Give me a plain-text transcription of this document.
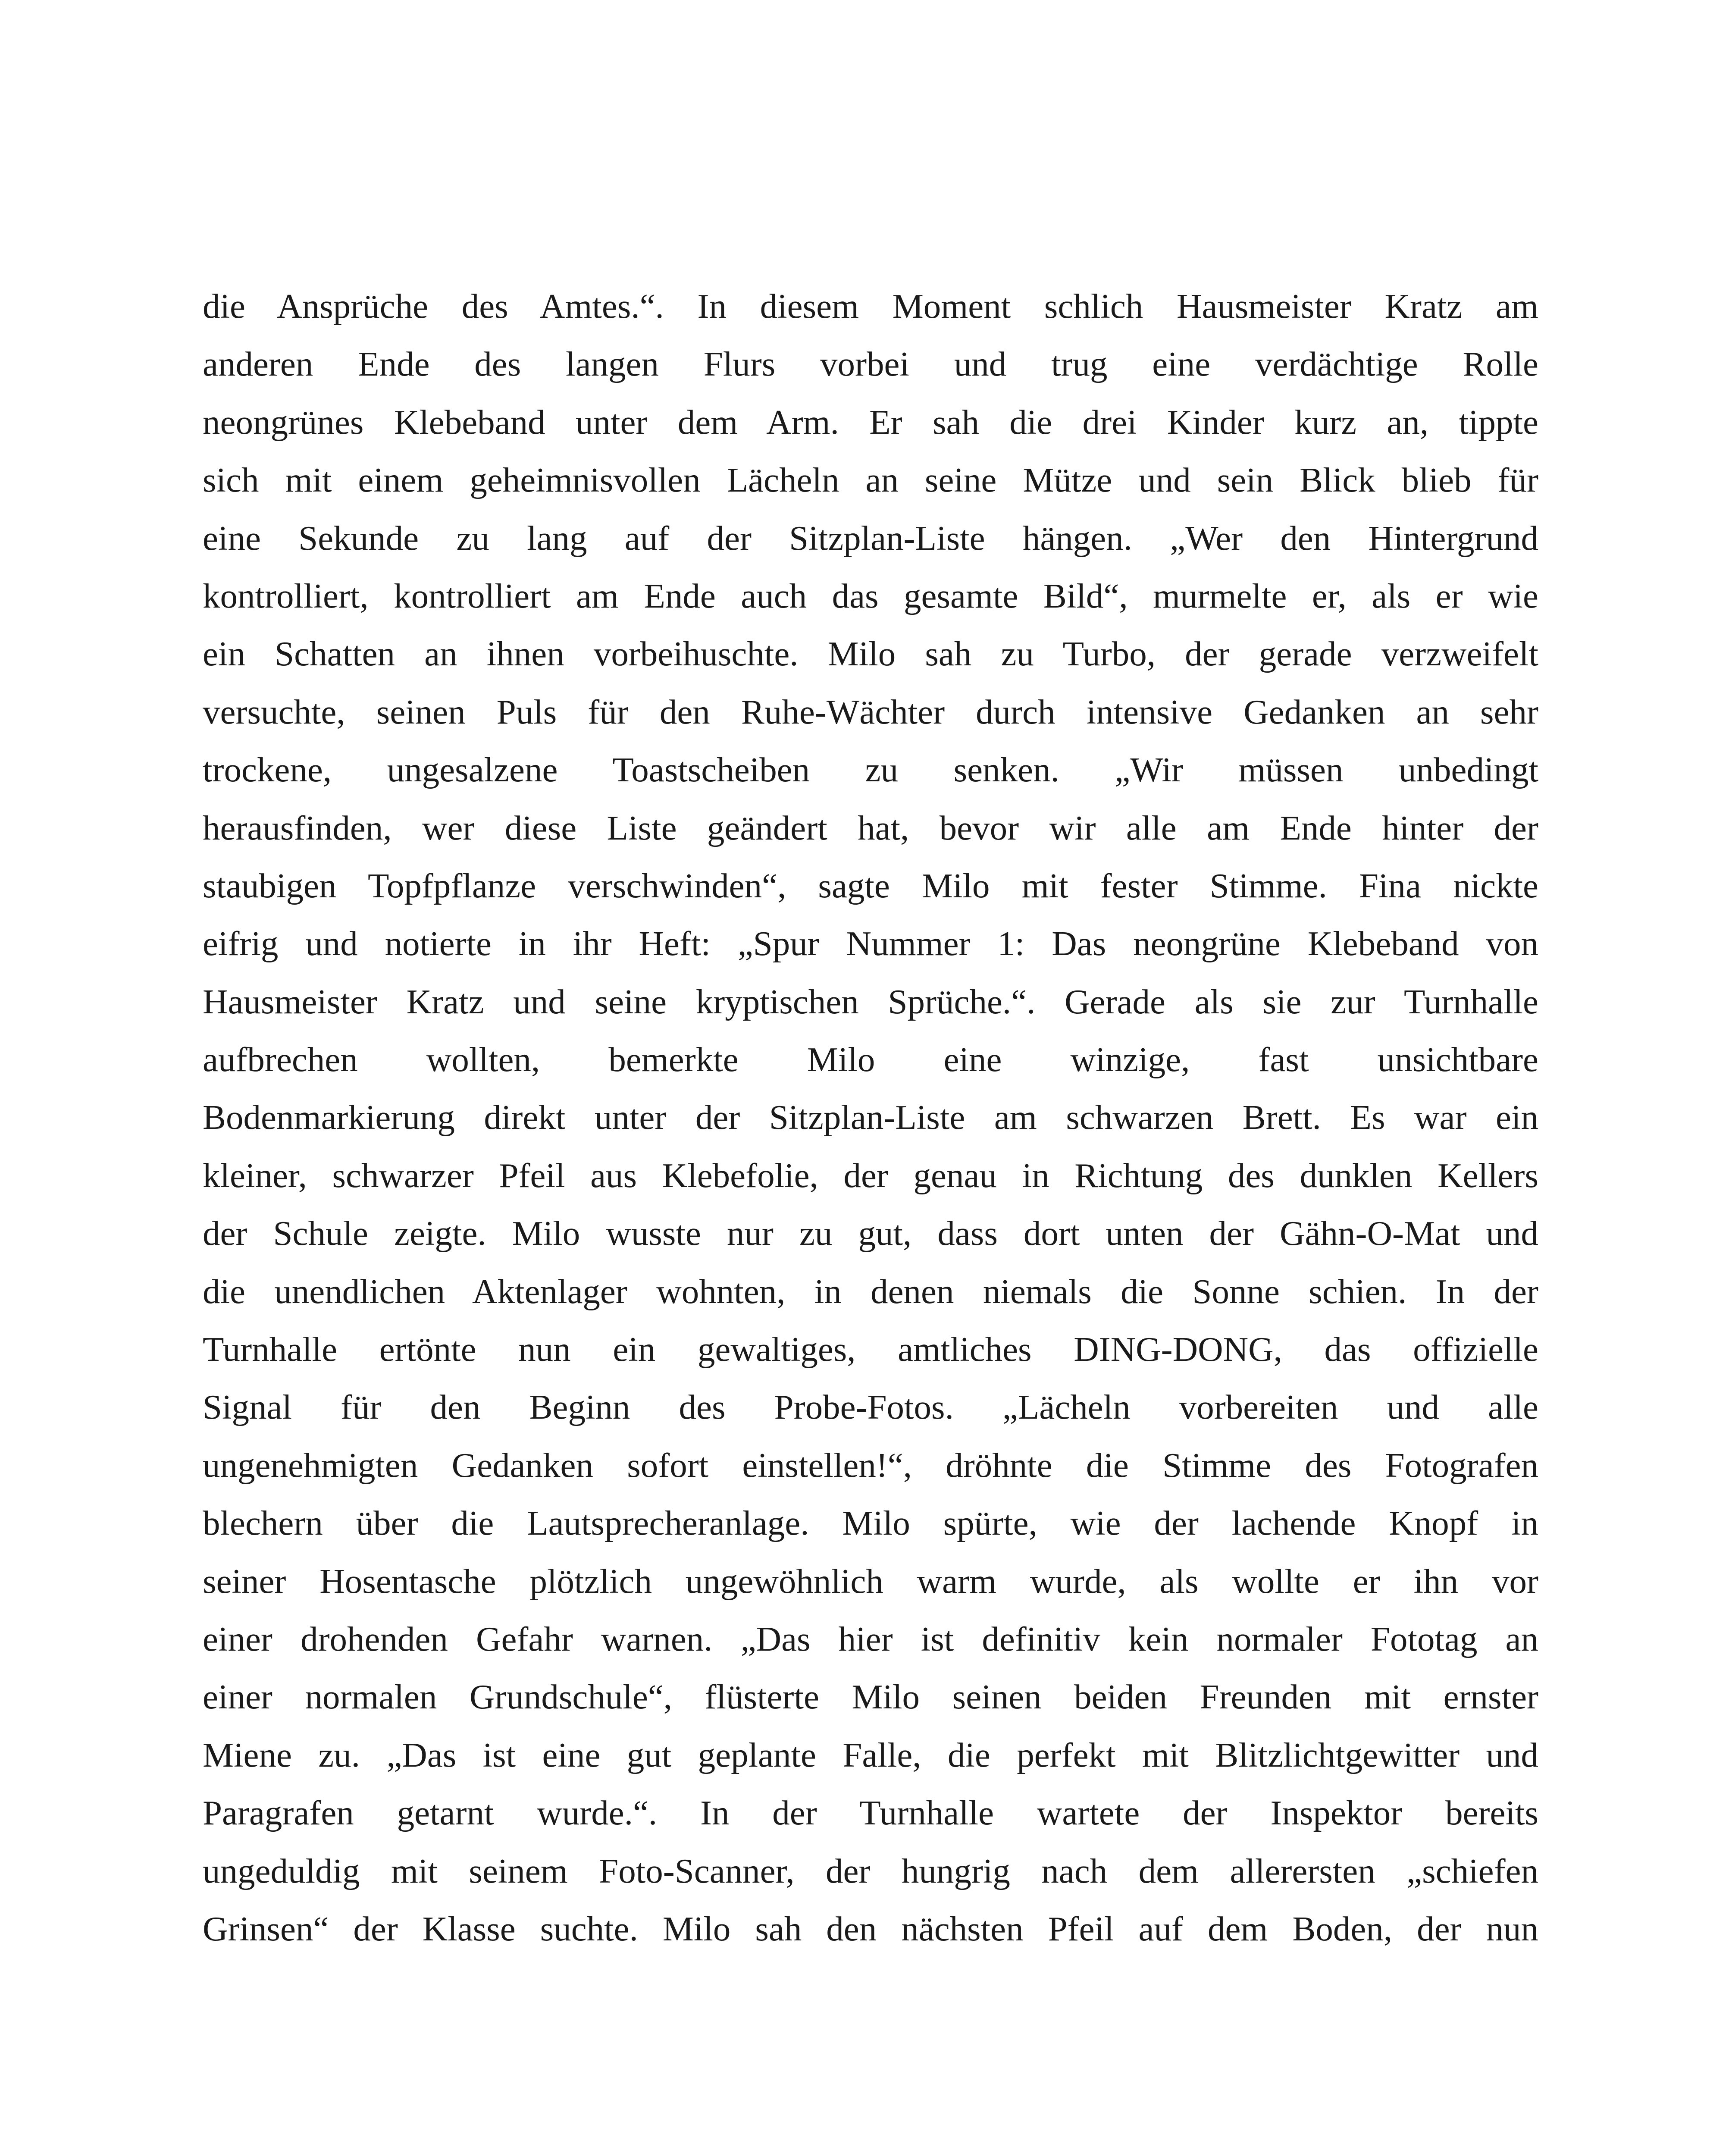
die Ansprüche des Amtes.“. In diesem Moment schlich Hausmeister Kratz am
anderen Ende des langen Flurs vorbei und trug eine verdächtige Rolle
neongrünes Klebeband unter dem Arm. Er sah die drei Kinder kurz an, tippte
sich mit einem geheimnisvollen Lächeln an seine Mütze und sein Blick blieb für
eine Sekunde zu lang auf der Sitzplan-Liste hängen. „Wer den Hintergrund
kontrolliert, kontrolliert am Ende auch das gesamte Bild“, murmelte er, als er wie
ein Schatten an ihnen vorbeihuschte. Milo sah zu Turbo, der gerade verzweifelt
versuchte, seinen Puls für den Ruhe-Wächter durch intensive Gedanken an sehr
trockene, ungesalzene Toastscheiben zu senken. „Wir müssen unbedingt
herausfinden, wer diese Liste geändert hat, bevor wir alle am Ende hinter der
staubigen Topfpflanze verschwinden“, sagte Milo mit fester Stimme. Fina nickte
eifrig und notierte in ihr Heft: „Spur Nummer 1: Das neongrüne Klebeband von
Hausmeister Kratz und seine kryptischen Sprüche.“. Gerade als sie zur Turnhalle
aufbrechen wollten, bemerkte Milo eine winzige, fast unsichtbare
Bodenmarkierung direkt unter der Sitzplan-Liste am schwarzen Brett. Es war ein
kleiner, schwarzer Pfeil aus Klebefolie, der genau in Richtung des dunklen Kellers
der Schule zeigte. Milo wusste nur zu gut, dass dort unten der Gähn-O-Mat und
die unendlichen Aktenlager wohnten, in denen niemals die Sonne schien. In der
Turnhalle ertönte nun ein gewaltiges, amtliches DING-DONG, das offizielle
Signal für den Beginn des Probe-Fotos. „Lächeln vorbereiten und alle
ungenehmigten Gedanken sofort einstellen!“, dröhnte die Stimme des Fotografen
blechern über die Lautsprecheranlage. Milo spürte, wie der lachende Knopf in
seiner Hosentasche plötzlich ungewöhnlich warm wurde, als wollte er ihn vor
einer drohenden Gefahr warnen. „Das hier ist definitiv kein normaler Fototag an
einer normalen Grundschule“, flüsterte Milo seinen beiden Freunden mit ernster
Miene zu. „Das ist eine gut geplante Falle, die perfekt mit Blitzlichtgewitter und
Paragrafen getarnt wurde.“. In der Turnhalle wartete der Inspektor bereits
ungeduldig mit seinem Foto-Scanner, der hungrig nach dem allerersten „schiefen
Grinsen“ der Klasse suchte. Milo sah den nächsten Pfeil auf dem Boden, der nun
